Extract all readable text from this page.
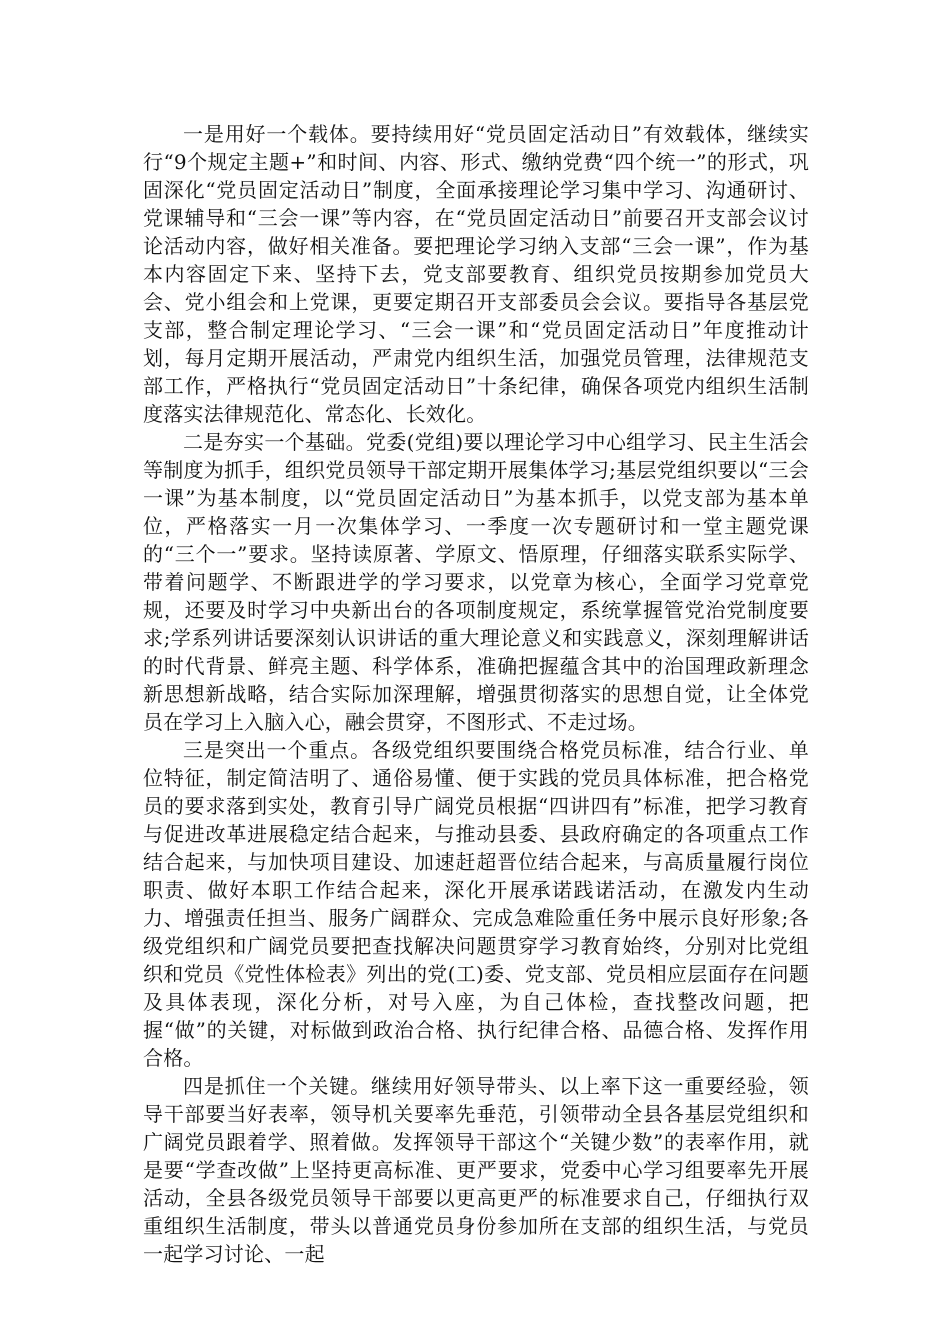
一是用好一个载体。要持续用好“党员固定活动日”有效载体，继续实行“9个规定主题+”和时间、内容、形式、缴纳党费“四个统一”的形式，巩固深化“党员固定活动日”制度，全面承接理论学习集中学习、沟通研讨、党课辅导和“三会一课”等内容，在“党员固定活动日”前要召开支部会议讨论活动内容，做好相关准备。要把理论学习纳入支部“三会一课”，作为基本内容固定下来、坚持下去，党支部要教育、组织党员按期参加党员大会、党小组会和上党课，更要定期召开支部委员会会议。要指导各基层党支部，整合制定理论学习、“三会一课”和“党员固定活动日”年度推动计划，每月定期开展活动，严肃党内组织生活，加强党员管理，法律规范支部工作，严格执行“党员固定活动日”十条纪律，确保各项党内组织生活制度落实法律规范化、常态化、长效化。

二是夯实一个基础。党委(党组)要以理论学习中心组学习、民主生活会等制度为抓手，组织党员领导干部定期开展集体学习;基层党组织要以“三会一课”为基本制度，以“党员固定活动日”为基本抓手，以党支部为基本单位，严格落实一月一次集体学习、一季度一次专题研讨和一堂主题党课的“三个一”要求。坚持读原著、学原文、悟原理，仔细落实联系实际学、带着问题学、不断跟进学的学习要求，以党章为核心，全面学习党章党规，还要及时学习中央新出台的各项制度规定，系统掌握管党治党制度要求;学系列讲话要深刻认识讲话的重大理论意义和实践意义，深刻理解讲话的时代背景、鲜亮主题、科学体系，准确把握蕴含其中的治国理政新理念新思想新战略，结合实际加深理解，增强贯彻落实的思想自觉，让全体党员在学习上入脑入心，融会贯穿，不图形式、不走过场。

三是突出一个重点。各级党组织要围绕合格党员标准，结合行业、单位特征，制定简洁明了、通俗易懂、便于实践的党员具体标准，把合格党员的要求落到实处，教育引导广阔党员根据“四讲四有”标准，把学习教育与促进改革进展稳定结合起来，与推动县委、县政府确定的各项重点工作结合起来，与加快项目建设、加速赶超晋位结合起来，与高质量履行岗位职责、做好本职工作结合起来，深化开展承诺践诺活动，在激发内生动力、增强责任担当、服务广阔群众、完成急难险重任务中展示良好形象;各级党组织和广阔党员要把查找解决问题贯穿学习教育始终，分别对比党组织和党员《党性体检表》列出的党(工)委、党支部、党员相应层面存在问题及具体表现，深化分析，对号入座，为自己体检，查找整改问题，把握“做”的关键，对标做到政治合格、执行纪律合格、品德合格、发挥作用合格。

四是抓住一个关键。继续用好领导带头、以上率下这一重要经验，领导干部要当好表率，领导机关要率先垂范，引领带动全县各基层党组织和广阔党员跟着学、照着做。发挥领导干部这个“关键少数”的表率作用，就是要“学查改做”上坚持更高标准、更严要求，党委中心学习组要率先开展活动，全县各级党员领导干部要以更高更严的标准要求自己，仔细执行双重组织生活制度，带头以普通党员身份参加所在支部的组织生活，与党员一起学习讨论、一起
